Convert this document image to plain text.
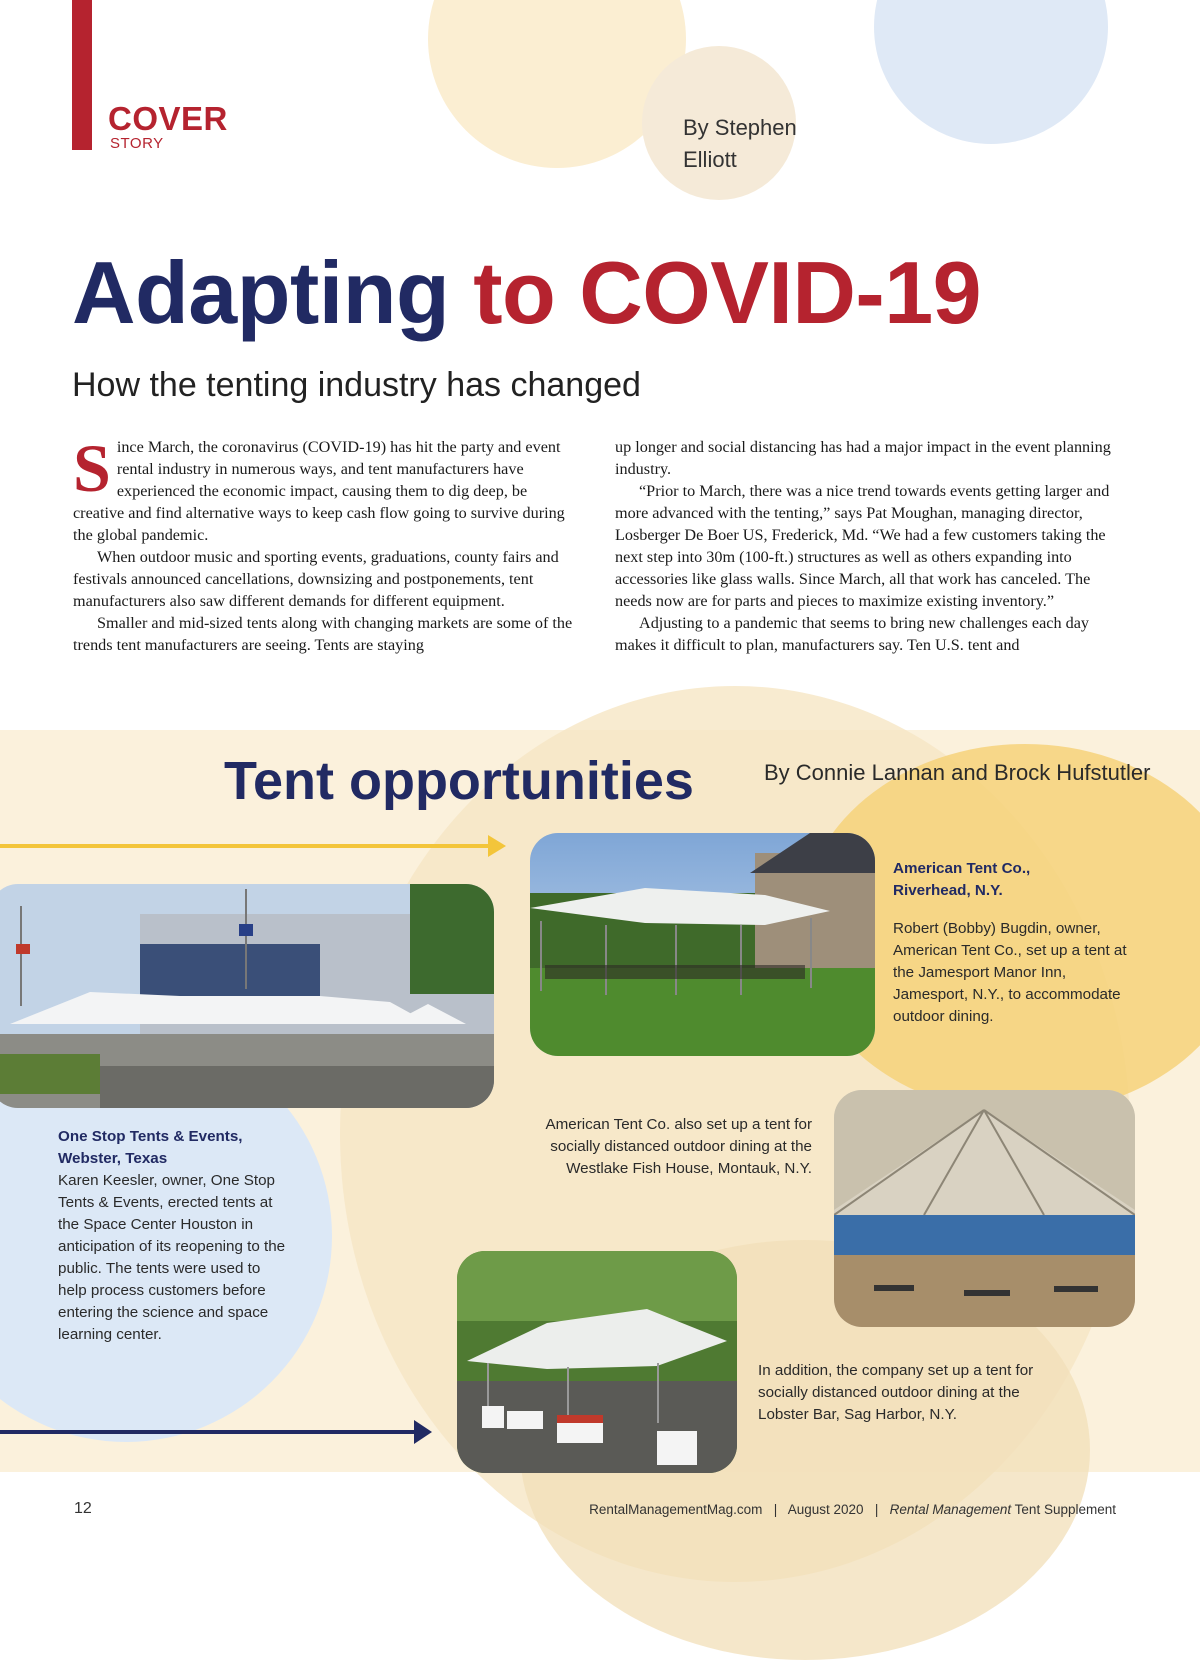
COVER
STORY
By Stephen
Elliott
Adapting to COVID-19
How the tenting industry has changed

Since March, the coronavirus (COVID-19) has hit the party and event rental industry in numerous ways, and tent manufacturers have experienced the economic impact, causing them to dig deep, be creative and find alternative ways to keep cash flow going to survive during the global pandemic.

When outdoor music and sporting events, graduations, county fairs and festivals announced cancellations, downsizing and postponements, tent manufacturers also saw different demands for different equipment.

Smaller and mid-sized tents along with changing markets are some of the trends tent manufacturers are seeing. Tents are staying

up longer and social distancing has had a major impact in the event planning industry.

“Prior to March, there was a nice trend towards events getting larger and more advanced with the tenting,” says Pat Moughan, managing director, Losberger De Boer US, Frederick, Md. “We had a few customers taking the next step into 30m (100-ft.) structures as well as others expanding into accessories like glass walls. Since March, all that work has canceled. The needs now are for parts and pieces to maximize existing inventory.”

Adjusting to a pandemic that seems to bring new challenges each day makes it difficult to plan, manufacturers say. Ten U.S. tent and

Tent opportunities	By Connie Lannan and Brock Hufstutler
American Tent Co.,
Riverhead, N.Y.
Robert (Bobby) Bugdin, owner, American Tent Co., set up a tent at the Jamesport Manor Inn, Jamesport, N.Y., to accommodate outdoor dining.
One Stop Tents & Events,
Webster, Texas
Karen Keesler, owner, One Stop Tents & Events, erected tents at the Space Center Houston in anticipation of its reopening to the public. The tents were used to help process customers before entering the science and space learning center.
American Tent Co. also set up a tent for socially distanced outdoor dining at the Westlake Fish House, Montauk, N.Y.
In addition, the company set up a tent for socially distanced outdoor dining at the Lobster Bar, Sag Harbor, N.Y.
12	RentalManagementMag.com | August 2020 | Rental Management Tent Supplement
